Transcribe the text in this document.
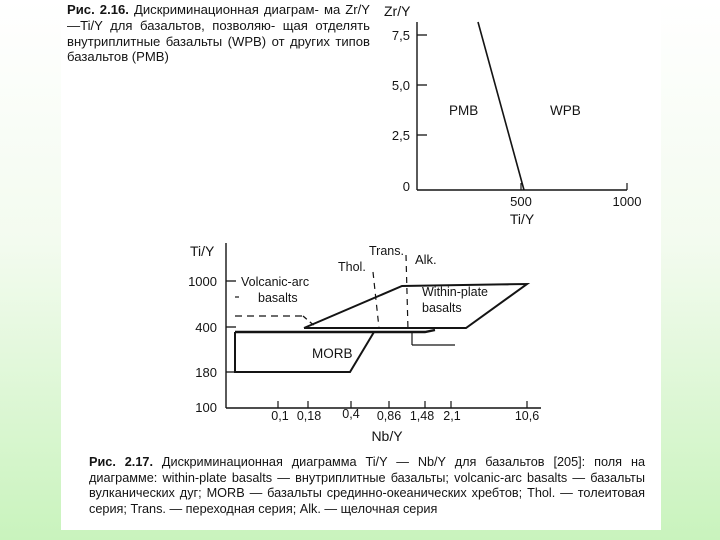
Рис. 2.16. Дискриминационная диаграм- ма Zr/Y—Ti/Y для базальтов, позволяю- щая отделять внутриплитные базальты (WPB) от других типов базальтов (PMB)
Zr/Y
7,5
5,0
2,5
0
500	1000
Ti/Y
PMB	WPB
Ti/Y
1000
400
180
100
0,1 0,18 0,4 0,86 1,48 2,1	10,6
Nb/Y
Trans.
Thol.	Alk.
Volcanic-arc
basalts	Within-plate
basalts
MORB
Рис. 2.17. Дискриминационная диаграмма Ti/Y — Nb/Y для базальтов [205]: поля на диаграмме: within-plate basalts — внутриплитные базальты; volcanic-arc basalts — базальты вулканических дуг; MORB — базальты срединно-океанических хребтов; Thol. — толеитовая серия; Trans. — переходная серия; Alk. — щелочная серия
